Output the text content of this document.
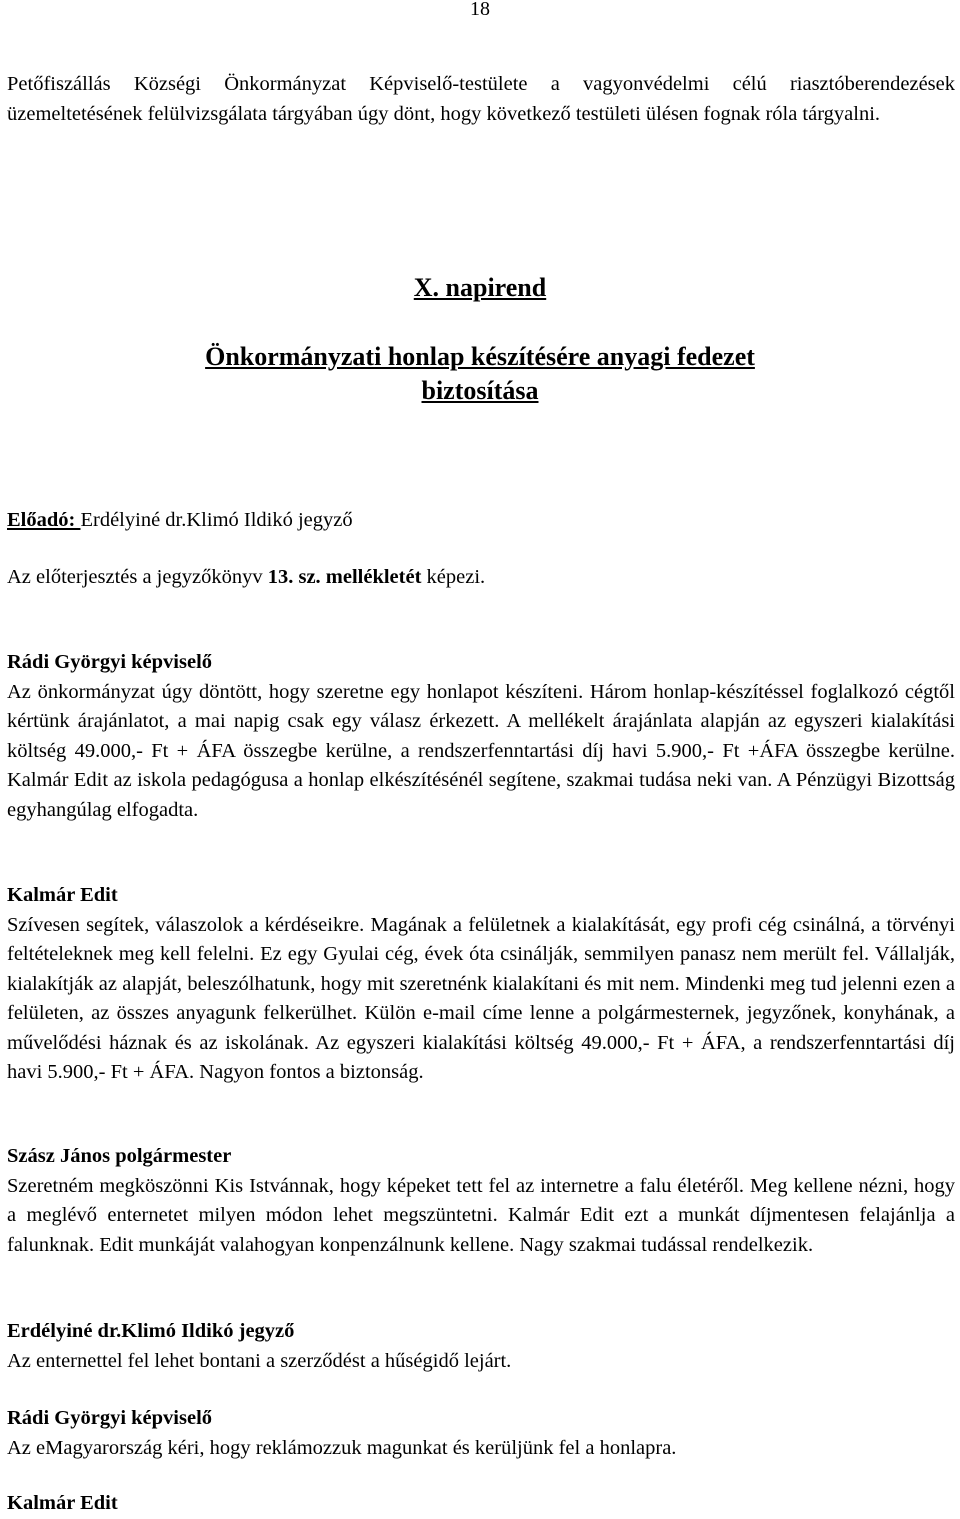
18

Petőfiszállás Községi Önkormányzat Képviselő-testülete a vagyonvédelmi célú riasztóberendezések üzemeltetésének felülvizsgálata tárgyában úgy dönt, hogy következő testületi ülésen fognak róla tárgyalni.

X. napirend
Önkormányzati honlap készítésére anyagi fedezet
biztosítása

Előadó: Erdélyiné dr.Klimó Ildikó jegyző

Az előterjesztés a jegyzőkönyv 13. sz. mellékletét képezi.

Rádi Györgyi képviselő
Az önkormányzat úgy döntött, hogy szeretne egy honlapot készíteni. Három honlap-készítéssel foglalkozó cégtől kértünk árajánlatot, a mai napig csak egy válasz érkezett. A mellékelt árajánlata alapján az egyszeri kialakítási költség 49.000,- Ft + ÁFA összegbe kerülne, a rendszerfenntartási díj havi 5.900,- Ft +ÁFA összegbe kerülne. Kalmár Edit az iskola pedagógusa a honlap elkészítésénél segítene, szakmai tudása neki van. A Pénzügyi Bizottság egyhangúlag elfogadta.
Kalmár Edit
Szívesen segítek, válaszolok a kérdéseikre. Magának a felületnek a kialakítását, egy profi cég csinálná, a törvényi feltételeknek meg kell felelni. Ez egy Gyulai cég, évek óta csinálják, semmilyen panasz nem merült fel. Vállalják, kialakítják az alapját, beleszólhatunk, hogy mit szeretnénk kialakítani és mit nem. Mindenki meg tud jelenni ezen a felületen, az összes anyagunk felkerülhet. Külön e-mail címe lenne a polgármesternek, jegyzőnek, konyhának, a művelődési háznak és az iskolának. Az egyszeri kialakítási költség 49.000,- Ft + ÁFA, a rendszerfenntartási díj havi 5.900,- Ft + ÁFA. Nagyon fontos a biztonság.
Szász János polgármester
Szeretném megköszönni Kis Istvánnak, hogy képeket tett fel az internetre a falu életéről. Meg kellene nézni, hogy a meglévő enternetet milyen módon lehet megszüntetni. Kalmár Edit ezt a munkát díjmentesen felajánlja a falunknak. Edit munkáját valahogyan konpenzálnunk kellene. Nagy szakmai tudással rendelkezik.
Erdélyiné dr.Klimó Ildikó jegyző
Az enternettel fel lehet bontani a szerződést a hűségidő lejárt.
Rádi Györgyi képviselő
Az eMagyarország kéri, hogy reklámozzuk magunkat és kerüljünk fel a honlapra.
Kalmár Edit
